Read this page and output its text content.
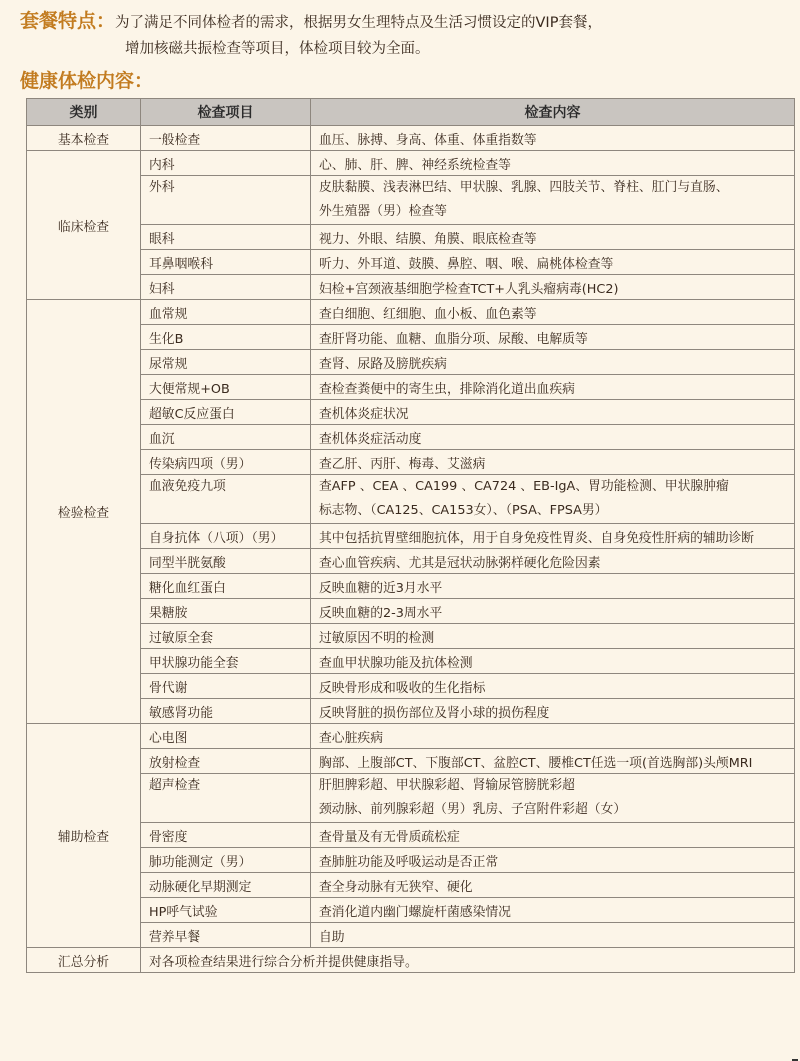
套餐特点：为了满足不同体检者的需求，根据男女生理特点及生活习惯设定的VIP套餐，
增加核磁共振检查等项目，体检项目较为全面。
健康体检内容：
类别	检查项目	检查内容
基本检查	一般检查	血压、脉搏、身高、体重、体重指数等
临床检查	内科	心、肺、肝、脾、神经系统检查等
	外科	皮肤黏膜、浅表淋巴结、甲状腺、乳腺、四肢关节、脊柱、肛门与直肠、
外生殖器（男）检查等

	眼科	视力、外眼、结膜、角膜、眼底检查等
	耳鼻咽喉科	听力、外耳道、鼓膜、鼻腔、咽、喉、扁桃体检查等
	妇科	妇检+宫颈液基细胞学检查TCT+人乳头瘤病毒(HC2)
检验检查	血常规	查白细胞、红细胞、血小板、血色素等
	生化B	查肝肾功能、血糖、血脂分项、尿酸、电解质等
	尿常规	查肾、尿路及膀胱疾病
	大便常规+OB	查检查粪便中的寄生虫，排除消化道出血疾病
	超敏C反应蛋白	查机体炎症状况
	血沉	查机体炎症活动度
	传染病四项（男）	查乙肝、丙肝、梅毒、艾滋病
	血液免疫九项	查AFP 、CEA 、CA199 、CA724 、EB-IgA、胃功能检测、甲状腺肿瘤
标志物、（CA125、CA153女）、（PSA、FPSA男）

	自身抗体（八项）（男）	其中包括抗胃壁细胞抗体，用于自身免疫性胃炎、自身免疫性肝病的辅助诊断
	同型半胱氨酸	查心血管疾病、尤其是冠状动脉粥样硬化危险因素
	糖化血红蛋白	反映血糖的近3月水平
	果糖胺	反映血糖的2-3周水平
	过敏原全套	过敏原因不明的检测
	甲状腺功能全套	查血甲状腺功能及抗体检测
	骨代谢	反映骨形成和吸收的生化指标
	敏感肾功能	反映肾脏的损伤部位及肾小球的损伤程度
辅助检查	心电图	查心脏疾病
	放射检查	胸部、上腹部CT、下腹部CT、盆腔CT、腰椎CT任选一项(首选胸部)头颅MRI
	超声检查	肝胆脾彩超、甲状腺彩超、肾输尿管膀胱彩超
颈动脉、前列腺彩超（男）乳房、子宫附件彩超（女）

	骨密度	查骨量及有无骨质疏松症
	肺功能测定（男）	查肺脏功能及呼吸运动是否正常
	动脉硬化早期测定	查全身动脉有无狭窄、硬化
	HP呼气试验	查消化道内幽门螺旋杆菌感染情况
	营养早餐	自助
汇总分析	对各项检查结果进行综合分析并提供健康指导。	
